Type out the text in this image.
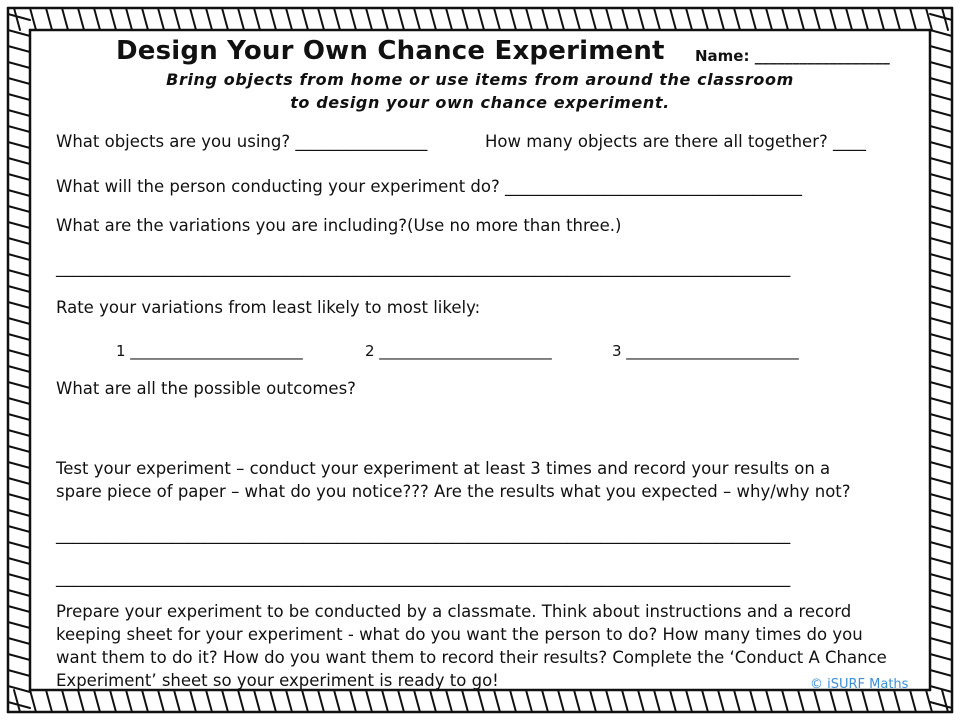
Design Your Own Chance Experiment Name: __________________
Bring objects from home or use items from around the classroom
to design your own chance experiment.
What objects are you using? ________________	How many objects are there all together? ____
What will the person conducting your experiment do? ____________________________________
What are the variations you are including?(Use no more than three.)
_________________________________________________________________________________________
Rate your variations from least likely to most likely:
1 _______________________	2 _______________________	3 _______________________
What are all the possible outcomes?
Test your experiment – conduct your experiment at least 3 times and record your results on a
spare piece of paper – what do you notice??? Are the results what you expected – why/why not?
_________________________________________________________________________________________
_________________________________________________________________________________________
Prepare your experiment to be conducted by a classmate. Think about instructions and a record keeping sheet for your experiment - what do you want the person to do? How many times do you want them to do it? How do you want them to record their results? Complete the ‘Conduct A Chance Experiment’ sheet so your experiment is ready to go!	© iSURF Maths
